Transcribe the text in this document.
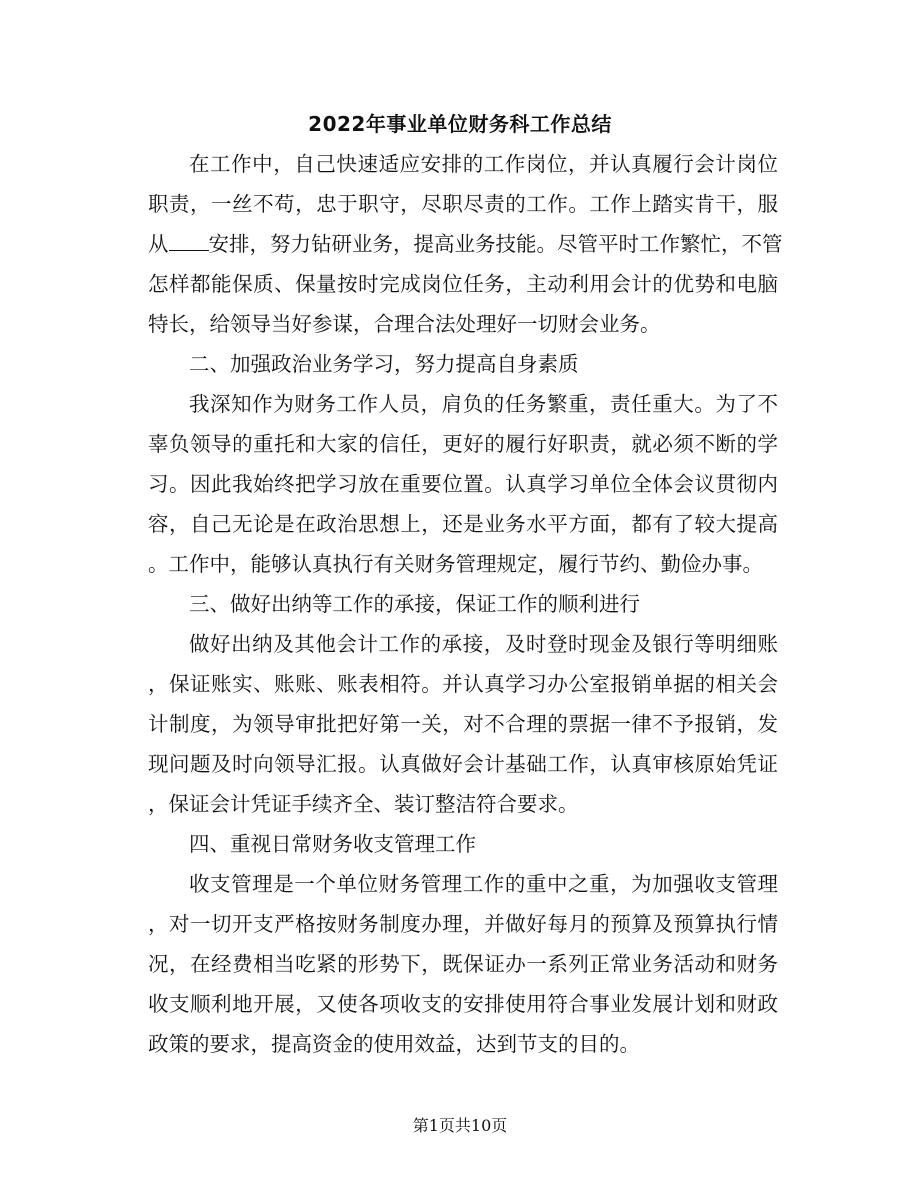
2022年事业单位财务科工作总结
在工作中，自己快速适应安排的工作岗位，并认真履行会计岗位
职责，一丝不苟，忠于职守，尽职尽责的工作。工作上踏实肯干，服
从 安排，努力钻研业务，提高业务技能。尽管平时工作繁忙，不管
怎样都能保质、保量按时完成岗位任务，主动利用会计的优势和电脑
特长，给领导当好参谋，合理合法处理好一切财会业务。
二、加强政治业务学习，努力提高自身素质
我深知作为财务工作人员，肩负的任务繁重，责任重大。为了不
辜负领导的重托和大家的信任，更好的履行好职责，就必须不断的学
习。因此我始终把学习放在重要位置。认真学习单位全体会议贯彻内
容，自己无论是在政治思想上，还是业务水平方面，都有了较大提高
。工作中，能够认真执行有关财务管理规定，履行节约、勤俭办事。
三、做好出纳等工作的承接，保证工作的顺利进行
做好出纳及其他会计工作的承接，及时登时现金及银行等明细账
，保证账实、账账、账表相符。并认真学习办公室报销单据的相关会
计制度，为领导审批把好第一关，对不合理的票据一律不予报销，发
现问题及时向领导汇报。认真做好会计基础工作，认真审核原始凭证
，保证会计凭证手续齐全、装订整洁符合要求。
四、重视日常财务收支管理工作
收支管理是一个单位财务管理工作的重中之重，为加强收支管理
，对一切开支严格按财务制度办理，并做好每月的预算及预算执行情
况，在经费相当吃紧的形势下，既保证办一系列正常业务活动和财务
收支顺利地开展，又使各项收支的安排使用符合事业发展计划和财政
政策的要求，提高资金的使用效益，达到节支的目的。
第1页共10页
